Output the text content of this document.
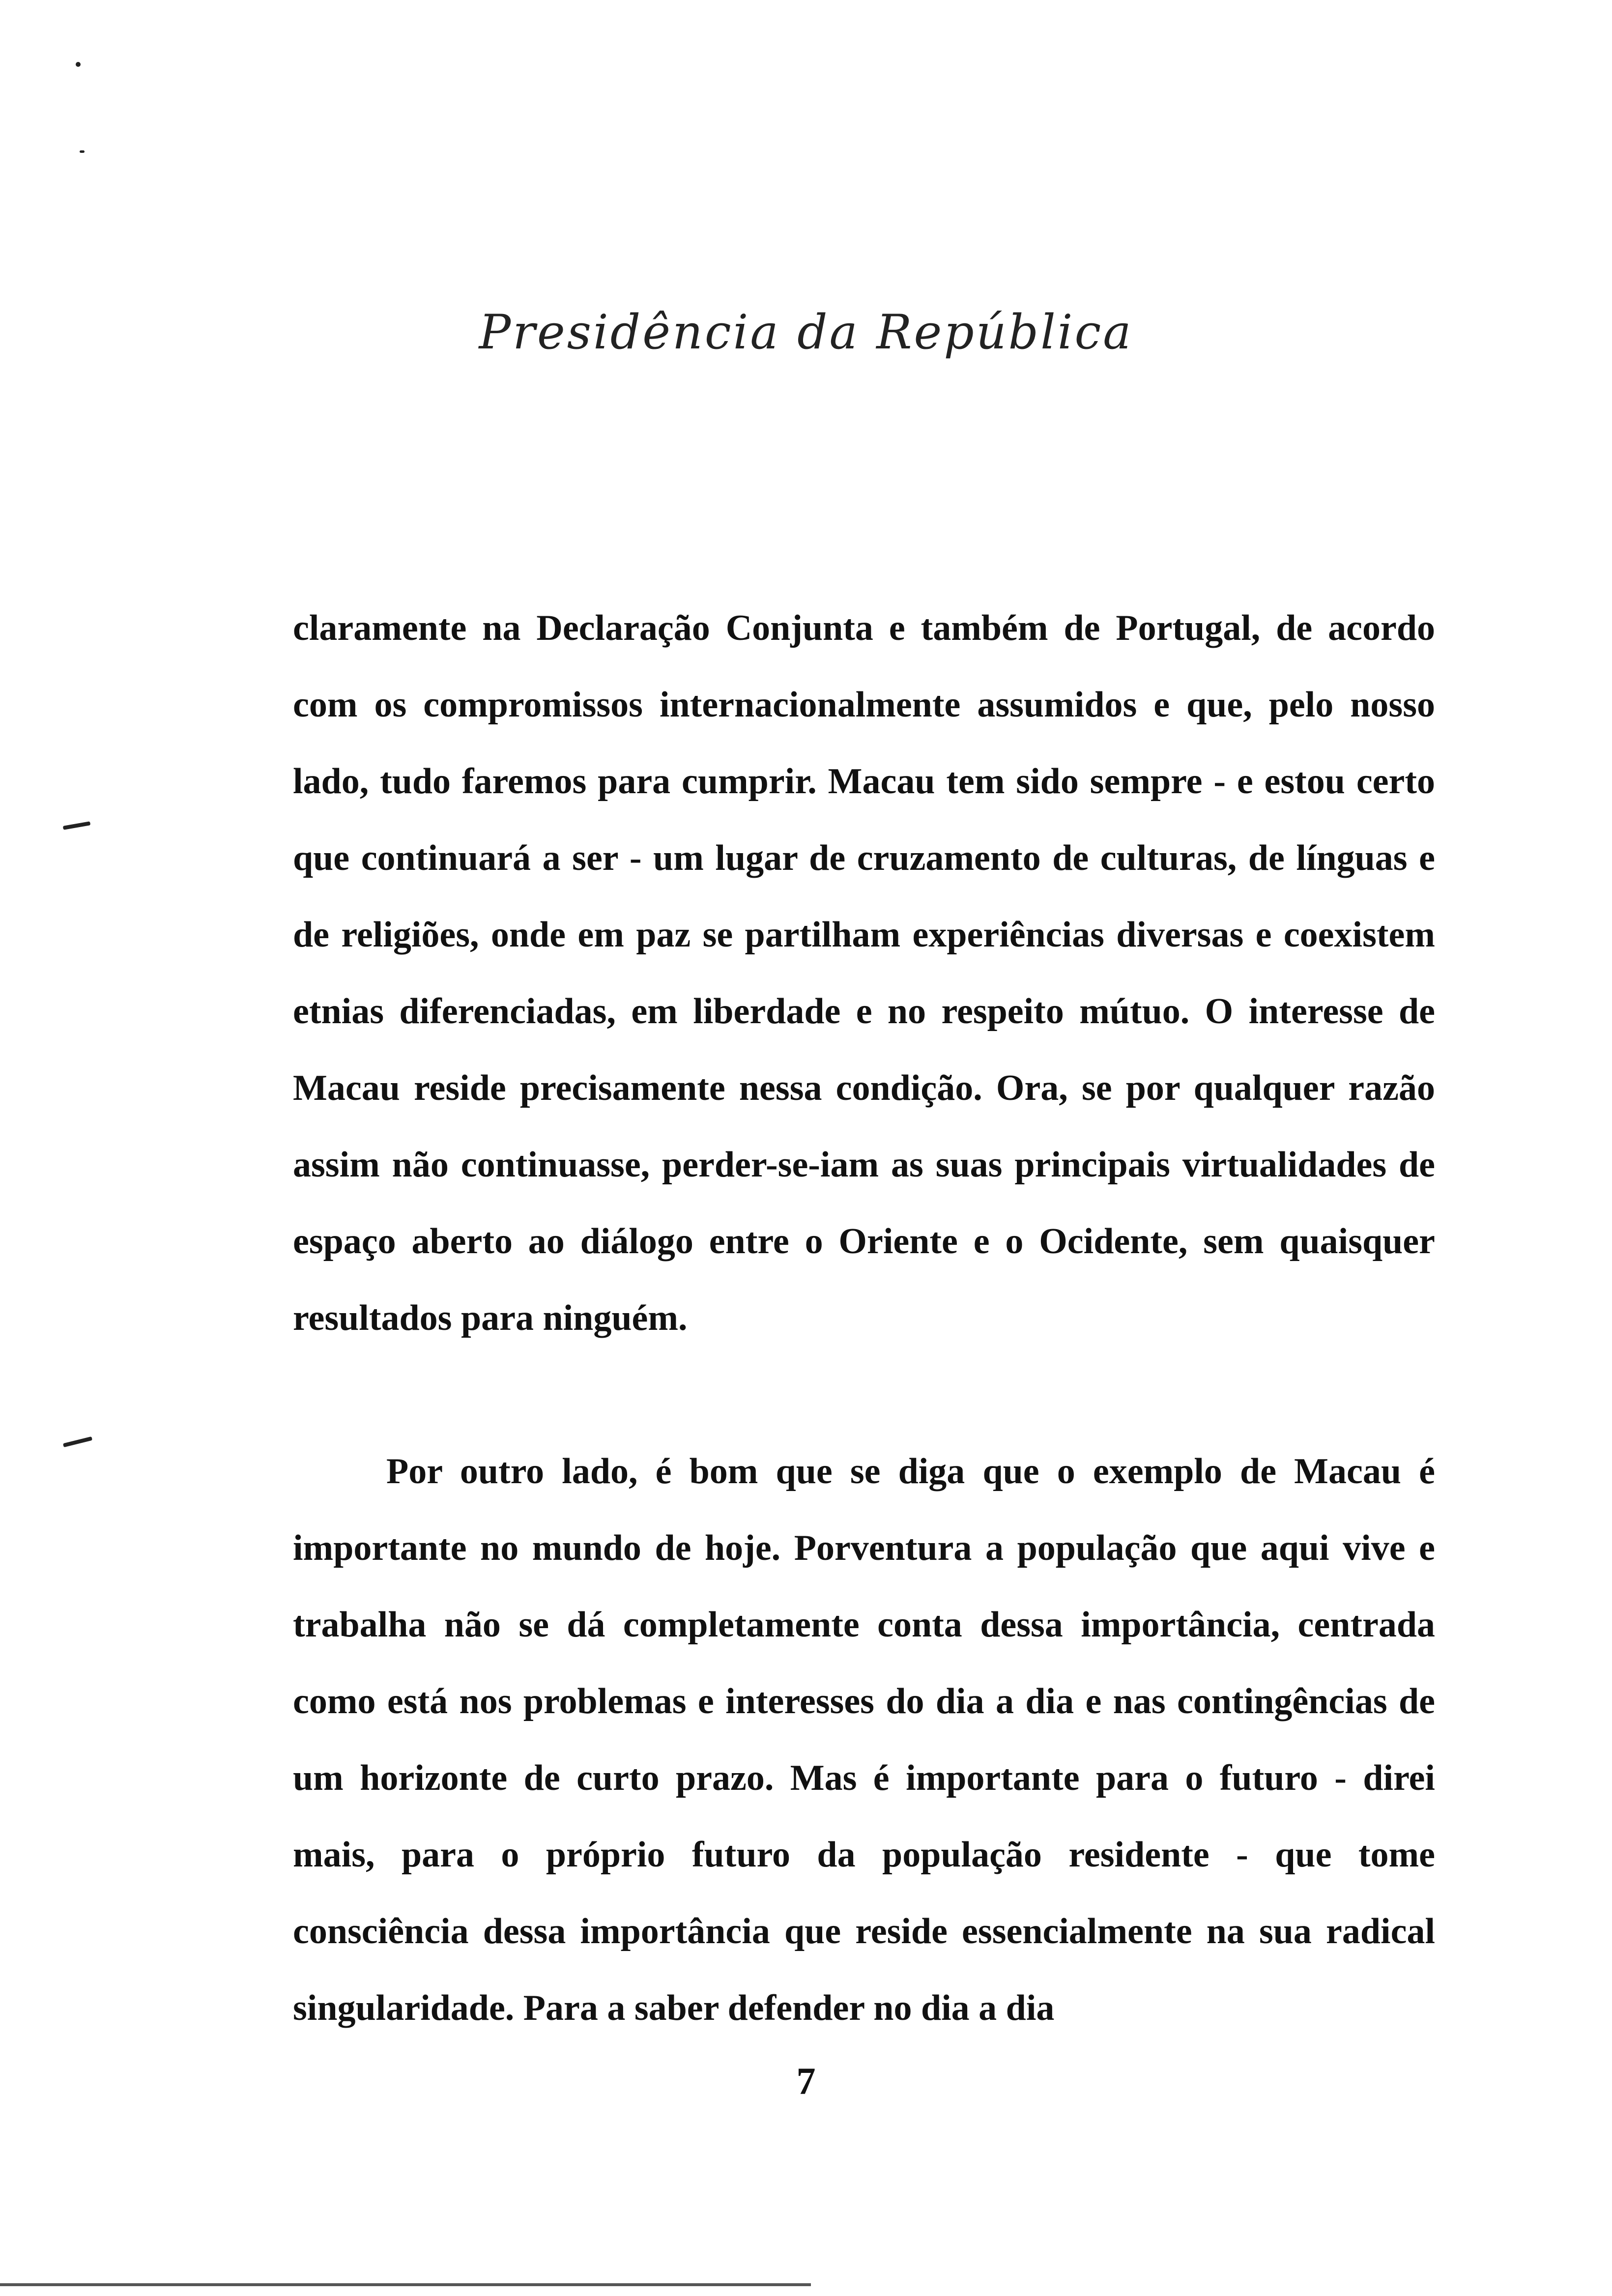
Presidência da República

claramente na Declaração Conjunta e também de Portugal, de acordo com os compromissos internacionalmente assumidos e que, pelo nosso lado, tudo faremos para cumprir. Macau tem sido sempre - e estou certo que continuará a ser - um lugar de cruzamento de culturas, de línguas e de religiões, onde em paz se partilham experiências diversas e coexistem etnias diferenciadas, em liberdade e no respeito mútuo. O interesse de Macau reside precisamente nessa condição. Ora, se por qualquer razão assim não continuasse, perder-se-iam as suas principais virtualidades de espaço aberto ao diálogo entre o Oriente e o Ocidente, sem quaisquer resultados para ninguém.

Por outro lado, é bom que se diga que o exemplo de Macau é importante no mundo de hoje. Porventura a população que aqui vive e trabalha não se dá completamente conta dessa importância, centrada como está nos problemas e interesses do dia a dia e nas contingências de um horizonte de curto prazo. Mas é importante para o futuro - direi mais, para o próprio futuro da população residente - que tome consciência dessa importância que reside essencialmente na sua radical singularidade. Para a saber defender no dia a dia

7
